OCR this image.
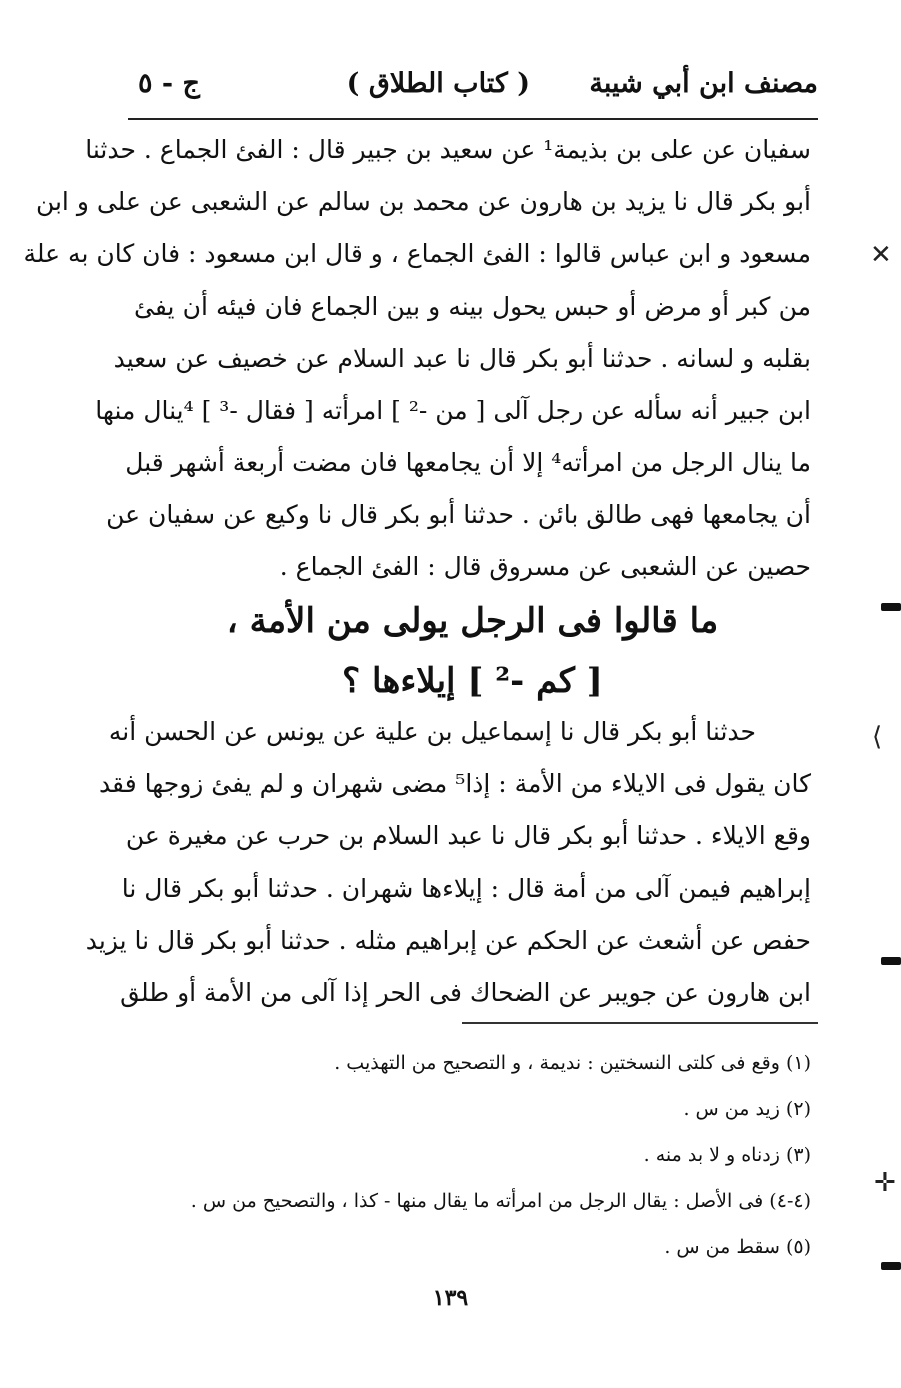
مصنف ابن أبي شيبة
( كتاب الطلاق )
ج - ٥
سفيان عن على بن بذيمة¹ عن سعيد بن جبير قال : الفئ الجماع . حدثنا
أبو بكر قال نا يزيد بن هارون عن محمد بن سالم عن الشعبى عن على و ابن
مسعود و ابن عباس قالوا : الفئ الجماع ، و قال ابن مسعود : فان كان به علة
من كبر أو مرض أو حبس يحول بينه و بين الجماع فان فيئه أن يفئ
بقلبه و لسانه . حدثنا أبو بكر قال نا عبد السلام عن خصيف عن سعيد
ابن جبير أنه سأله عن رجل آلى [ من -² ] امرأته [ فقال -³ ] ⁴ينال منها
ما ينال الرجل من امرأته⁴ إلا أن يجامعها فان مضت أربعة أشهر قبل
أن يجامعها فهى طالق بائن . حدثنا أبو بكر قال نا وكيع عن سفيان عن
حصين عن الشعبى عن مسروق قال : الفئ الجماع .
ما قالوا فى الرجل يولى من الأمة ،
[ كم -² ] إيلاءها ؟
حدثنا أبو بكر قال نا إسماعيل بن علية عن يونس عن الحسن أنه
كان يقول فى الايلاء من الأمة : إذا⁵ مضى شهران و لم يفئ زوجها فقد
وقع الايلاء . حدثنا أبو بكر قال نا عبد السلام بن حرب عن مغيرة عن
إبراهيم فيمن آلى من أمة قال : إيلاءها شهران . حدثنا أبو بكر قال نا
حفص عن أشعث عن الحكم عن إبراهيم مثله . حدثنا أبو بكر قال نا يزيد
ابن هارون عن جويبر عن الضحاك فى الحر إذا آلى من الأمة أو طلق
(١) وقع فى كلتى النسختين : نديمة ، و التصحيح من التهذيب .
(٢) زيد من س .
(٣) زدناه و لا بد منه .
(٤-٤) فى الأصل : يقال الرجل من امرأته ما يقال منها - كذا ، والتصحيح من س .
(٥) سقط من س .
١٣٩
✕
⟨
✛
